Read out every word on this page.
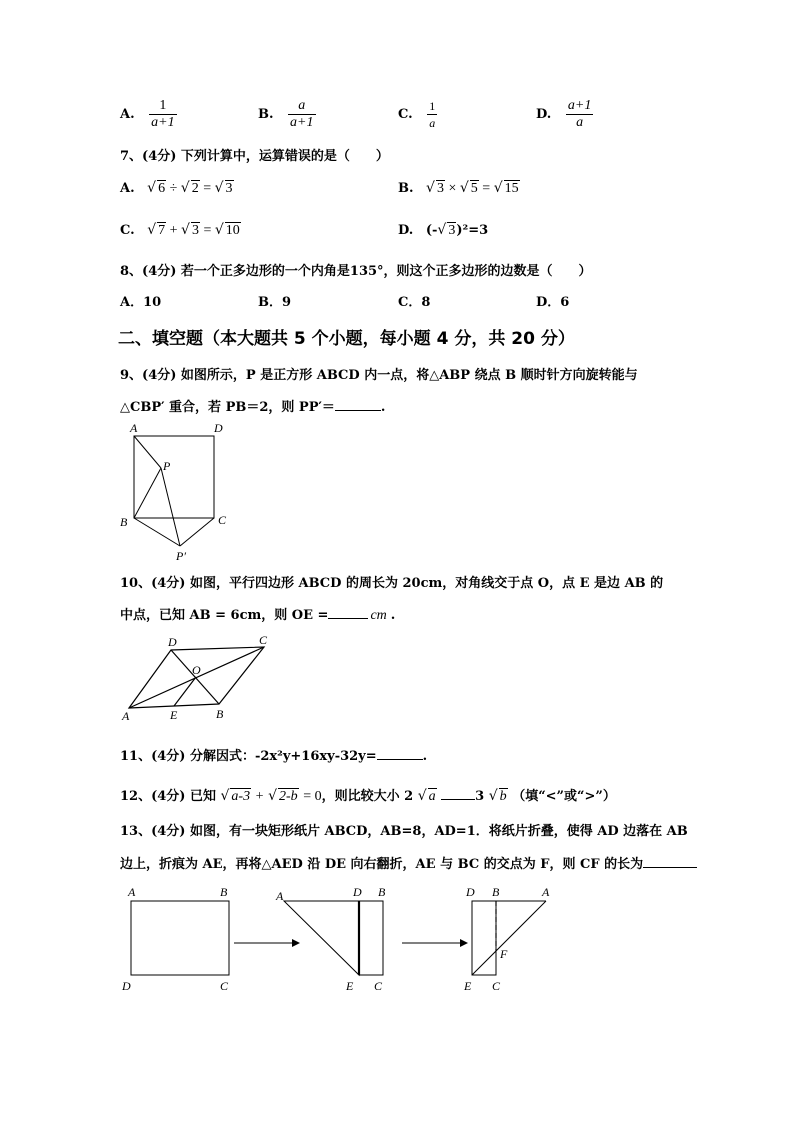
A. $\frac{1}{a+1}$	B. $\frac{a}{a+1}$	C. $\frac{1}{a}$	D. $\frac{a+1}{a}$
7、(4分) 下列计算中，运算错误的是（　　）
A. √ 6 ÷ √ 2 = √ 3	B. √ 3 × √ 5 = √ 15
C. √ 7 + √ 3 = √ 10	D. (-√ 3)²=3
8、(4分) 若一个正多边形的一个内角是135°，则这个正多边形的边数是（　　）
A．10	B．9	C．8	D．6
二、填空题（本大题共 5 个小题，每小题 4 分，共 20 分）
9、(4分) 如图所示，P 是正方形 ABCD 内一点，将△ABP 绕点 B 顺时针方向旋转能与
△CBP′ 重合，若 PB＝2，则 PP′＝	.
A	D
P
B	C
P′
10、(4分) 如图，平行四边形 ABCD 的周长为 20cm，对角线交于点 O，点 E 是边 AB 的
中点，已知 AB = 6cm，则 OE =	cm .
D	C
O
A	E	B
11、(4分) 分解因式：-2x²y+16xy-32y=	.
12、(4分) 已知 √ a-3 + √ 2-b = 0，则比较大小 2 √ a	3 √ b （填“<”或“>”）
13、(4分) 如图，有一块矩形纸片 ABCD，AB=8，AD=1．将纸片折叠，使得 AD 边落在 AB
边上，折痕为 AE，再将△AED 沿 DE 向右翻折，AE 与 BC 的交点为 F，则 CF 的长为
A	B
D	C
A	D B
E C
D B	A
F
E C
